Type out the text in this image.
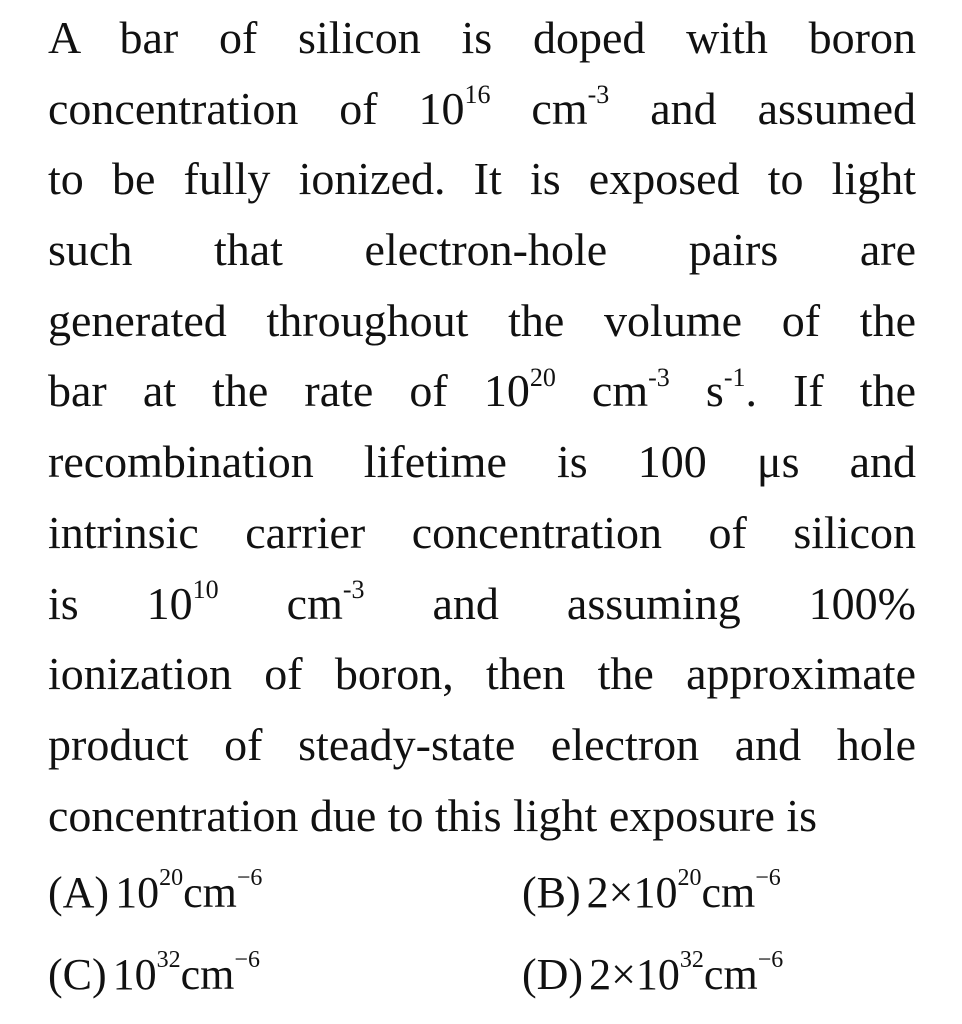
A bar of silicon is doped with boron
concentration of $10^{16}$ $cm^{-3}$ and assumed
to be fully ionized. It is exposed to light
such that electron-hole pairs are
generated throughout the volume of the
bar at the rate of $10^{20}$ $cm^{-3}$ $s^{-1}$. If the
recombination lifetime is 100 μs and
intrinsic carrier concentration of silicon
is $10^{10}$ $cm^{-3}$ and assuming 100%
ionization of boron, then the approximate
product of steady-state electron and hole
concentration due to this light exposure is
(A) $10^{20}cm^{-6}$	(B) $2\times 10^{20}cm^{-6}$
(C) $10^{32}cm^{-6}$	(D) $2\times 10^{32}cm^{-6}$
